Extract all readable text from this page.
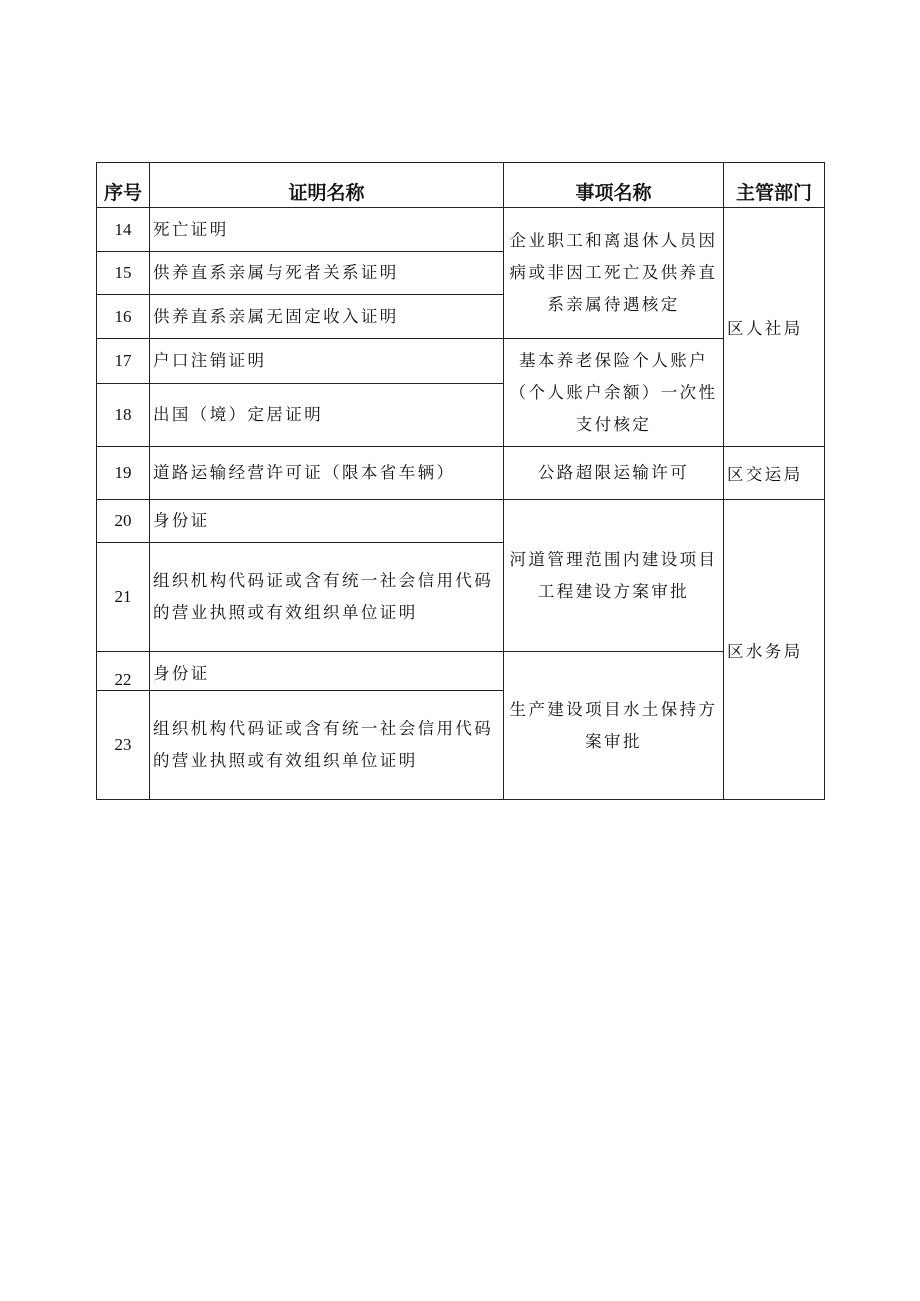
序号	证明名称	事项名称	主管部门
14	死亡证明	企业职工和离退休人员因病或非因工死亡及供养直系亲属待遇核定	区人社局
15	供养直系亲属与死者关系证明		
16	供养直系亲属无固定收入证明		
17	户口注销证明	基本养老保险个人账户（个人账户余额）一次性支付核定	
18	出国（境）定居证明		
19	道路运输经营许可证（限本省车辆）	公路超限运输许可	区交运局
20	身份证	河道管理范围内建设项目工程建设方案审批	区水务局
21	组织机构代码证或含有统一社会信用代码的营业执照或有效组织单位证明		
22	身份证	生产建设项目水土保持方案审批	
23	组织机构代码证或含有统一社会信用代码的营业执照或有效组织单位证明		
